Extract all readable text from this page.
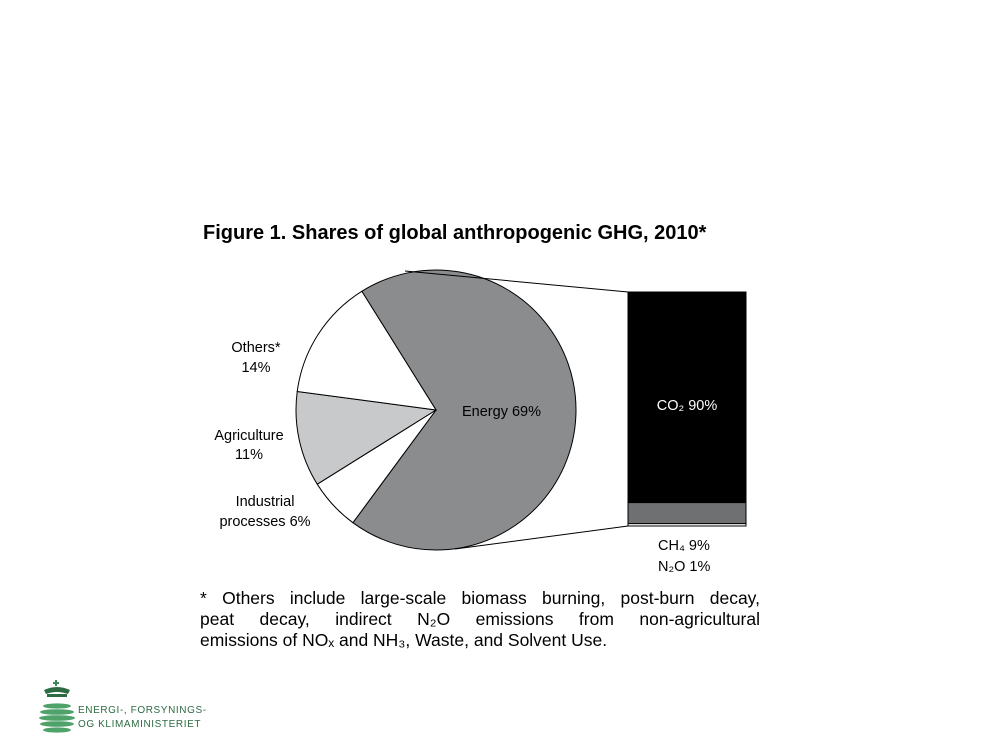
Figure 1. Shares of global anthropogenic GHG, 2010*
Energy 69%
Others*
14%
Agriculture
11%
Industrial
processes 6%
CO₂ 90%
CH₄ 9%
N₂O 1%
* Others include large-scale biomass burning, post-burn decay,
peat decay, indirect N₂O emissions from non-agricultural
emissions of NOₓ and NH₃, Waste, and Solvent Use.
ENERGI-, FORSYNINGS-
OG KLIMAMINISTERIET
